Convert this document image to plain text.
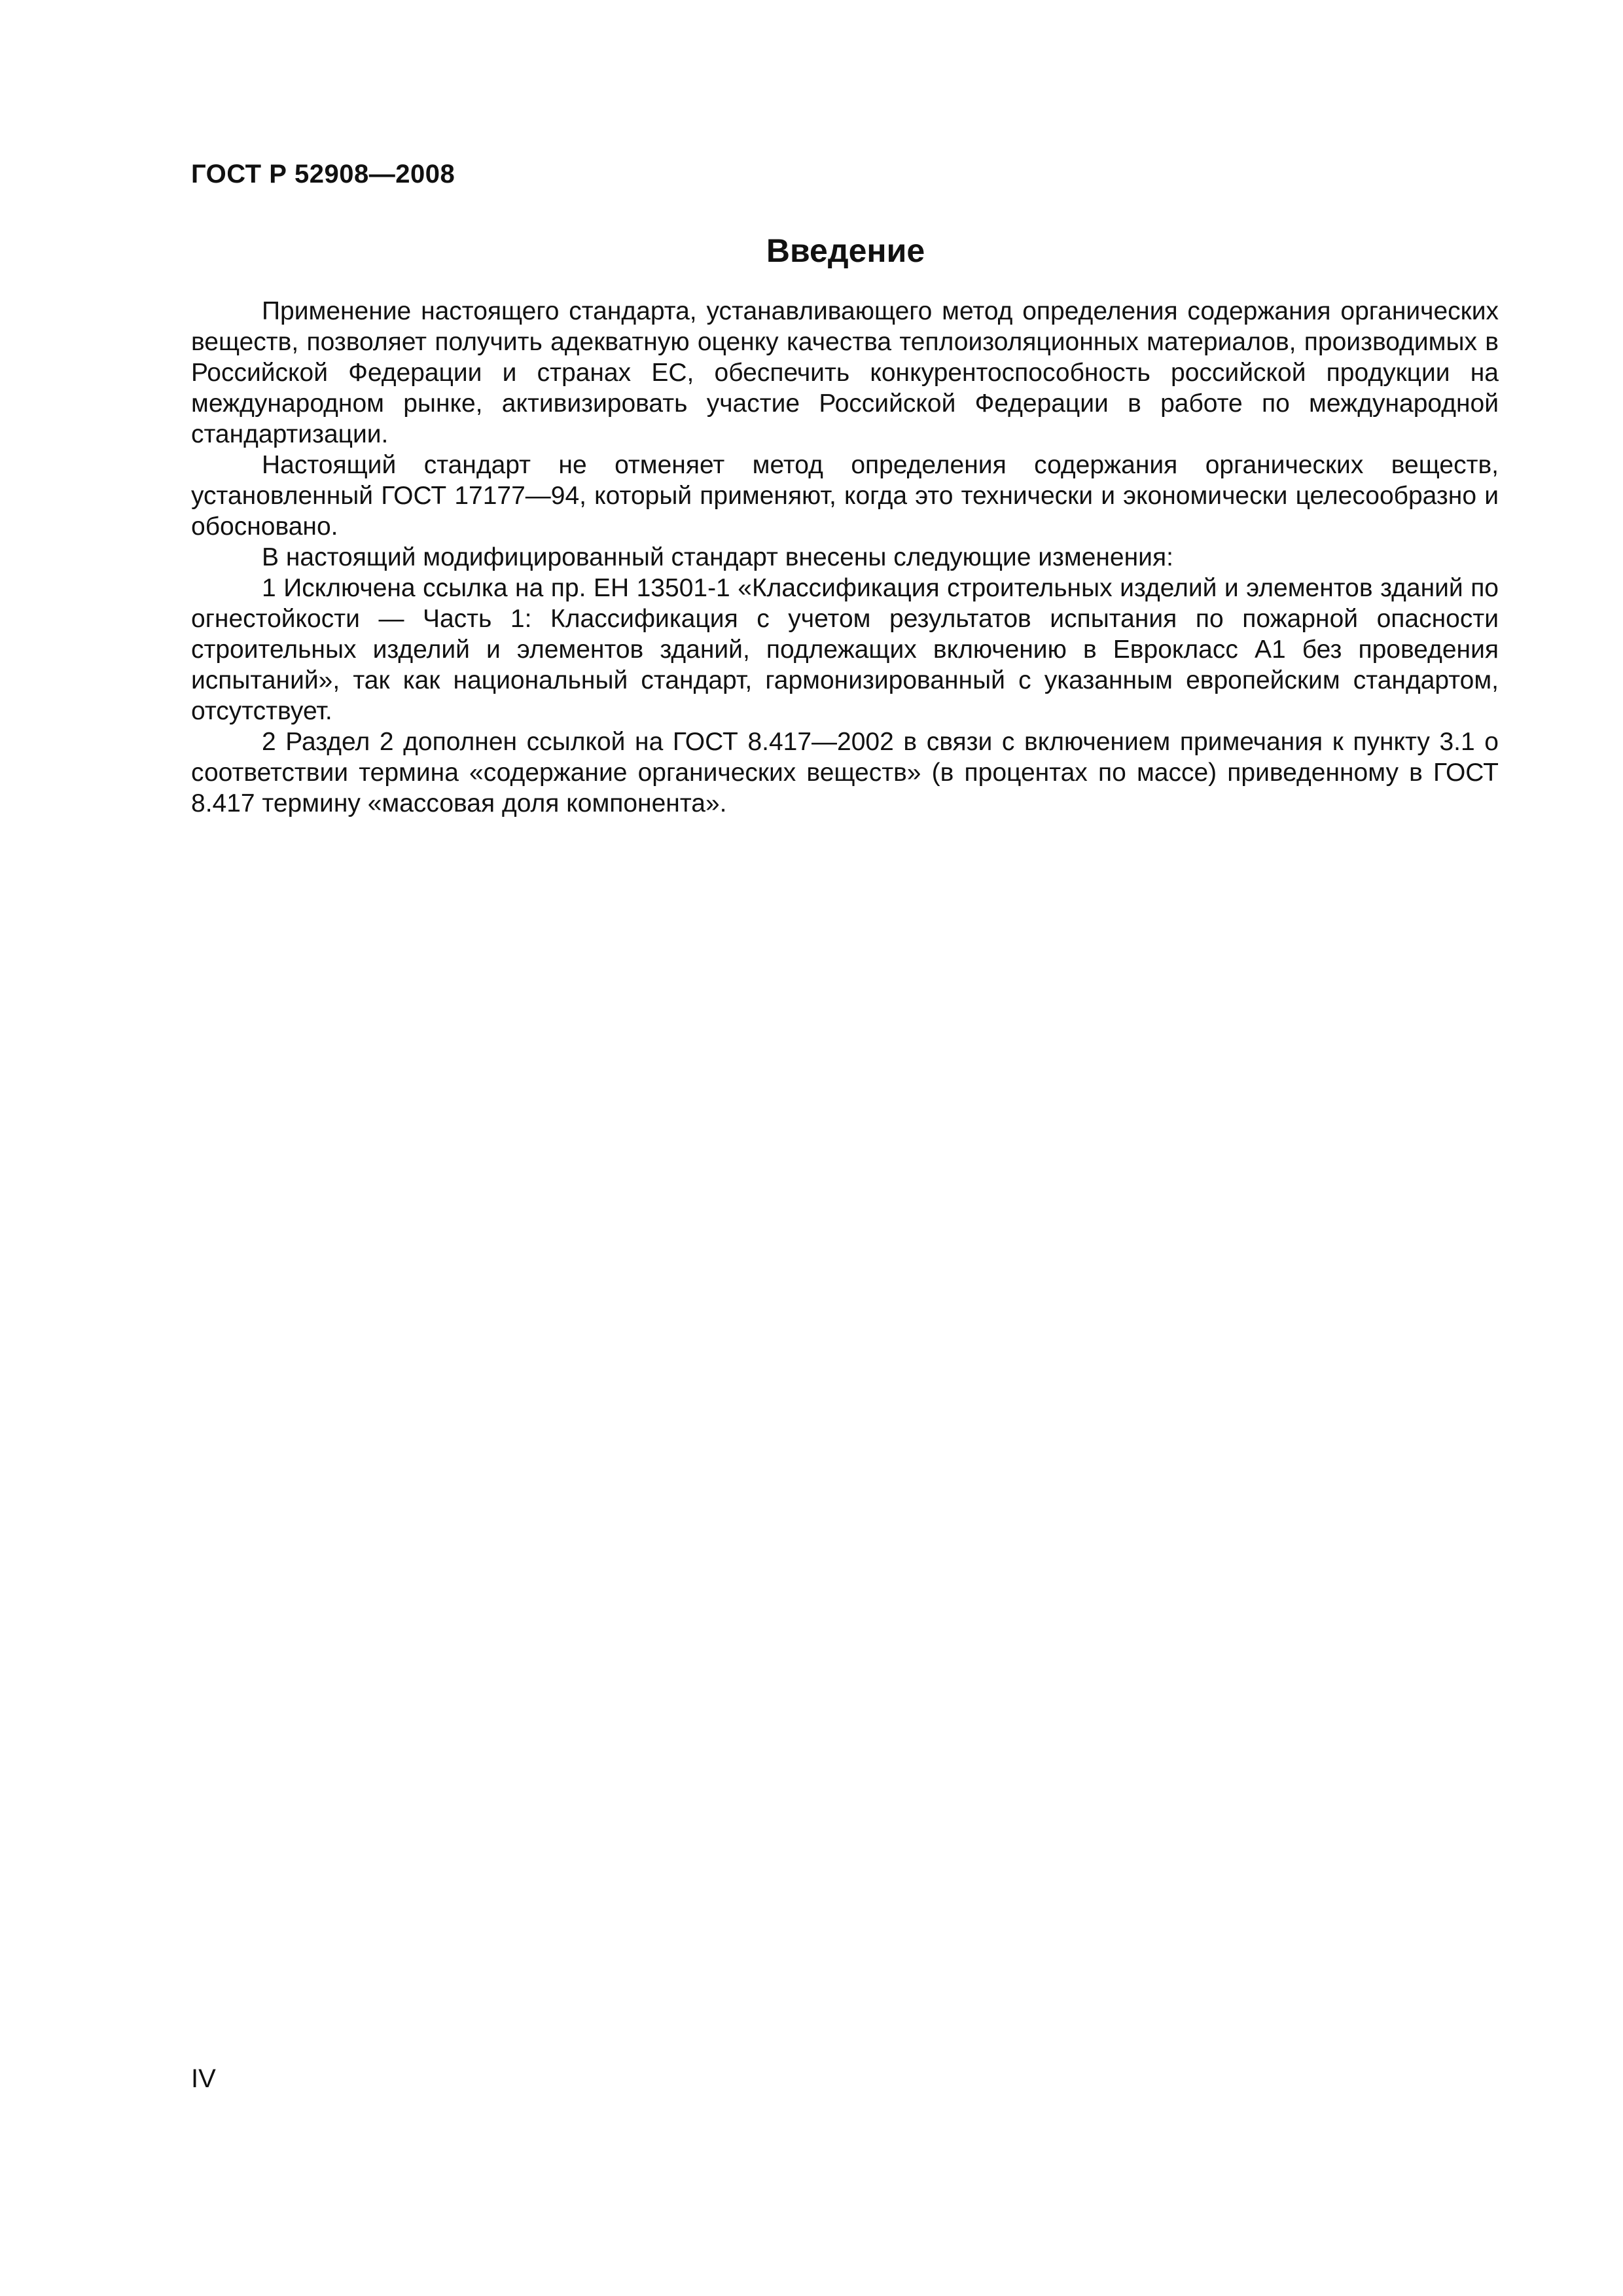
ГОСТ Р 52908—2008
Введение

Применение настоящего стандарта, устанавливающего метод определения содержания органических веществ, позволяет получить адекватную оценку качества теплоизоляционных материалов, производимых в Российской Федерации и странах ЕС, обеспечить конкурентоспособность российской продукции на международном рынке, активизировать участие Российской Федерации в работе по международной стандартизации.

Настоящий стандарт не отменяет метод определения содержания органических веществ, установленный ГОСТ 17177—94, который применяют, когда это технически и экономически целесообразно и обосновано.

В настоящий модифицированный стандарт внесены следующие изменения:

1 Исключена ссылка на пр. ЕН 13501-1 «Классификация строительных изделий и элементов зданий по огнестойкости — Часть 1: Классификация с учетом результатов испытания по пожарной опасности строительных изделий и элементов зданий, подлежащих включению в Еврокласс А1 без проведения испытаний», так как национальный стандарт, гармонизированный с указанным европейским стандартом, отсутствует.

2 Раздел 2 дополнен ссылкой на ГОСТ 8.417—2002 в связи с включением примечания к пункту 3.1 о соответствии термина «содержание органических веществ» (в процентах по массе) приведенному в ГОСТ 8.417 термину «массовая доля компонента».

IV
